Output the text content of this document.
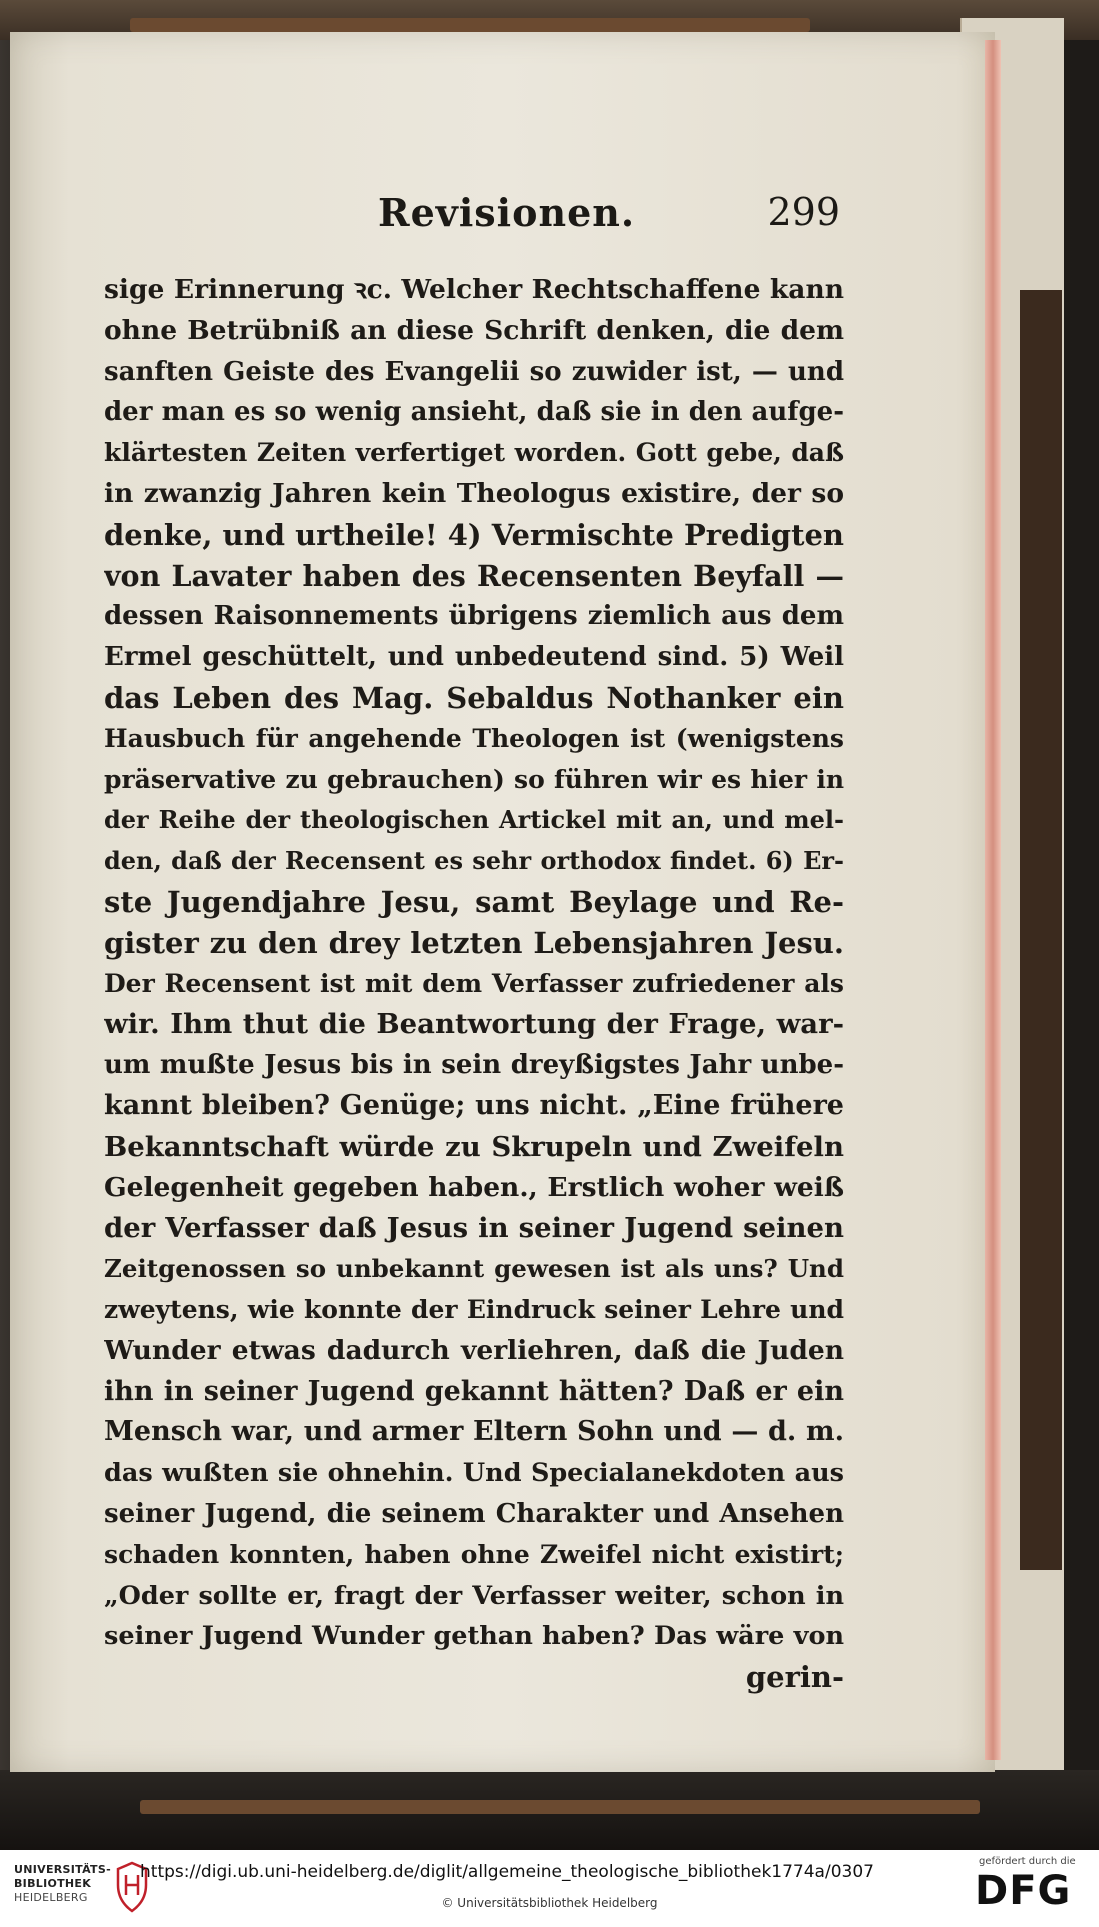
Revisionen.	299
sige Erinnerung ꝛc. Welcher Rechtschaffene kann
ohne Betrübniß an diese Schrift denken, die dem
sanften Geiste des Evangelii so zuwider ist, — und
der man es so wenig ansieht, daß sie in den aufge-
klärtesten Zeiten verfertiget worden. Gott gebe, daß
in zwanzig Jahren kein Theologus existire, der so
denke, und urtheile! 4) Vermischte Predigten
von Lavater haben des Recensenten Beyfall —
dessen Raisonnements übrigens ziemlich aus dem
Ermel geschüttelt, und unbedeutend sind. 5) Weil
das Leben des Mag. Sebaldus Nothanker ein
Hausbuch für angehende Theologen ist (wenigstens
präservative zu gebrauchen) so führen wir es hier in
der Reihe der theologischen Artickel mit an, und mel-
den, daß der Recensent es sehr orthodox findet. 6) Er-
ste Jugendjahre Jesu, samt Beylage und Re-
gister zu den drey letzten Lebensjahren Jesu.
Der Recensent ist mit dem Verfasser zufriedener als
wir. Ihm thut die Beantwortung der Frage, war-
um mußte Jesus bis in sein dreyßigstes Jahr unbe-
kannt bleiben? Genüge; uns nicht. „Eine frühere
Bekanntschaft würde zu Skrupeln und Zweifeln
Gelegenheit gegeben haben., Erstlich woher weiß
der Verfasser daß Jesus in seiner Jugend seinen
Zeitgenossen so unbekannt gewesen ist als uns? Und
zweytens, wie konnte der Eindruck seiner Lehre und
Wunder etwas dadurch verliehren, daß die Juden
ihn in seiner Jugend gekannt hätten? Daß er ein
Mensch war, und armer Eltern Sohn und — d. m.
das wußten sie ohnehin. Und Specialanekdoten aus
seiner Jugend, die seinem Charakter und Ansehen
schaden konnten, haben ohne Zweifel nicht existirt;
„Oder sollte er, fragt der Verfasser weiter, schon in
seiner Jugend Wunder gethan haben? Das wäre von
gerin-
UNIVERSITÄTS-
BIBLIOTHEK
HEIDELBERG
https://digi.ub.uni-heidelberg.de/diglit/allgemeine_theologische_bibliothek1774a/0307
© Universitätsbibliothek Heidelberg
gefördert durch die
DFG
